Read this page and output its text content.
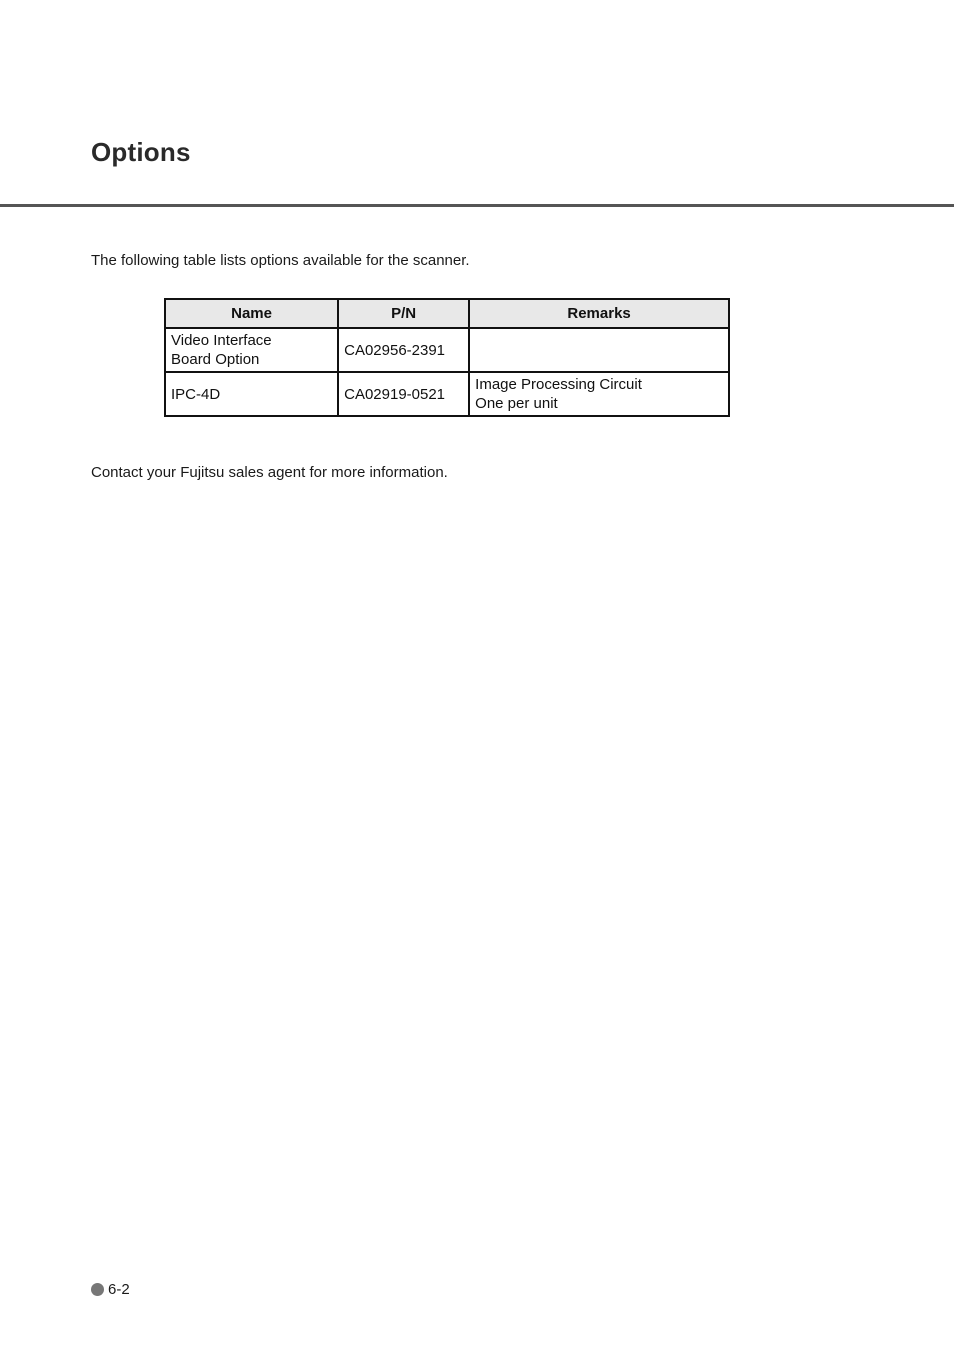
Options

The following table lists options available for the scanner.

Name	P/N	Remarks

Video Interface
Board Option	CA02956-2391	

IPC-4D	CA02919-0521	Image Processing Circuit
One per unit

Contact your Fujitsu sales agent for more information.

6-2
